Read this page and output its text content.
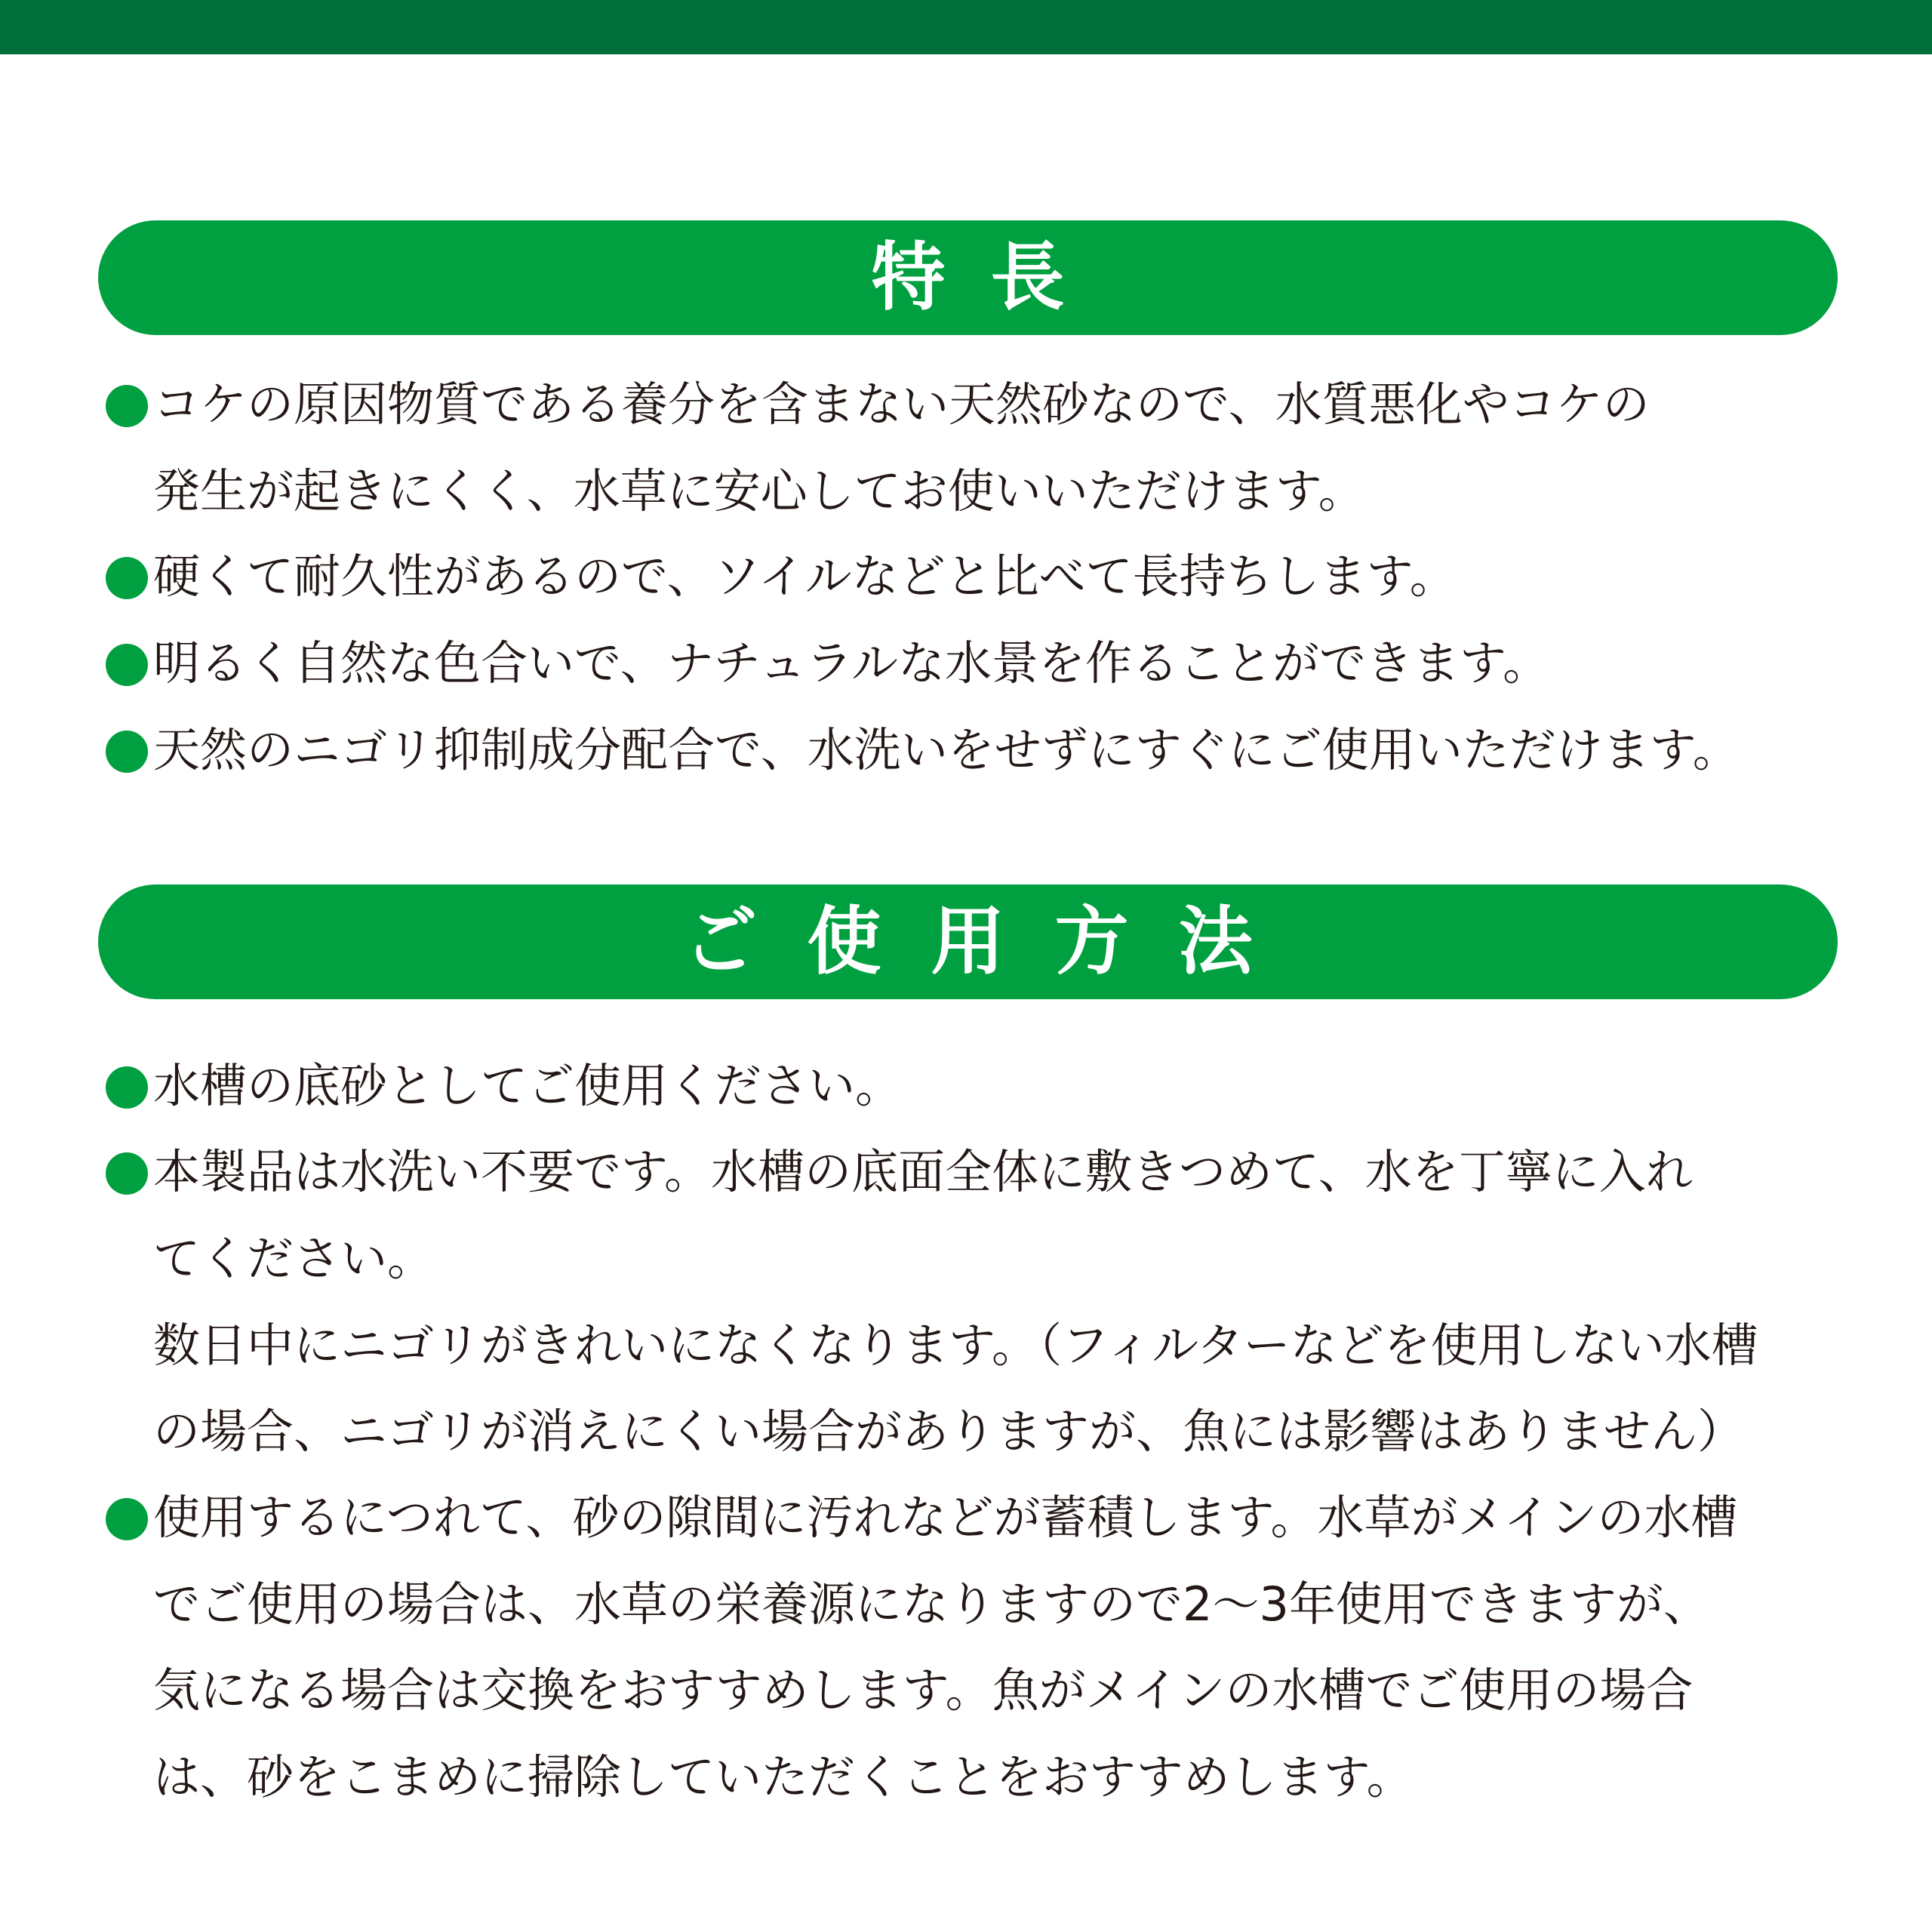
特長
コケの原因物質である養分を含まない天然砂なので、水質悪化やコケの
発生が起きにくく、水草に安心してお使いいただけます。
硬くて耐久性があるので、ソイルなどと比べて長持ちします。
明るく自然な色合いで、ナチュラルな水景を作ることができます。
天然のニゴリ抑制成分配合で、水洗いをせずにすぐにご使用いただけます。
ご使用方法
水槽の底砂としてご使用ください。
本製品は水洗い不要です。水槽の底面全体に敷きつめて、水を丁寧に入れ
てください。
数日中にニゴリがきれいになくなります。（フィルターなどを使用しない水槽
の場合、ニゴリが消えにくい場合がありますが、魚には影響はありません）
使用するにつれて、砂の隙間に汚れなどが蓄積します。水草がメインの水槽
でご使用の場合は、水草の栄養源になりますので2～3年使用できますが、
気になる場合は交換をおすすめします。魚がメインの水槽でご使用の場合
は、砂をこまめに掃除していただくことをおすすめします。
